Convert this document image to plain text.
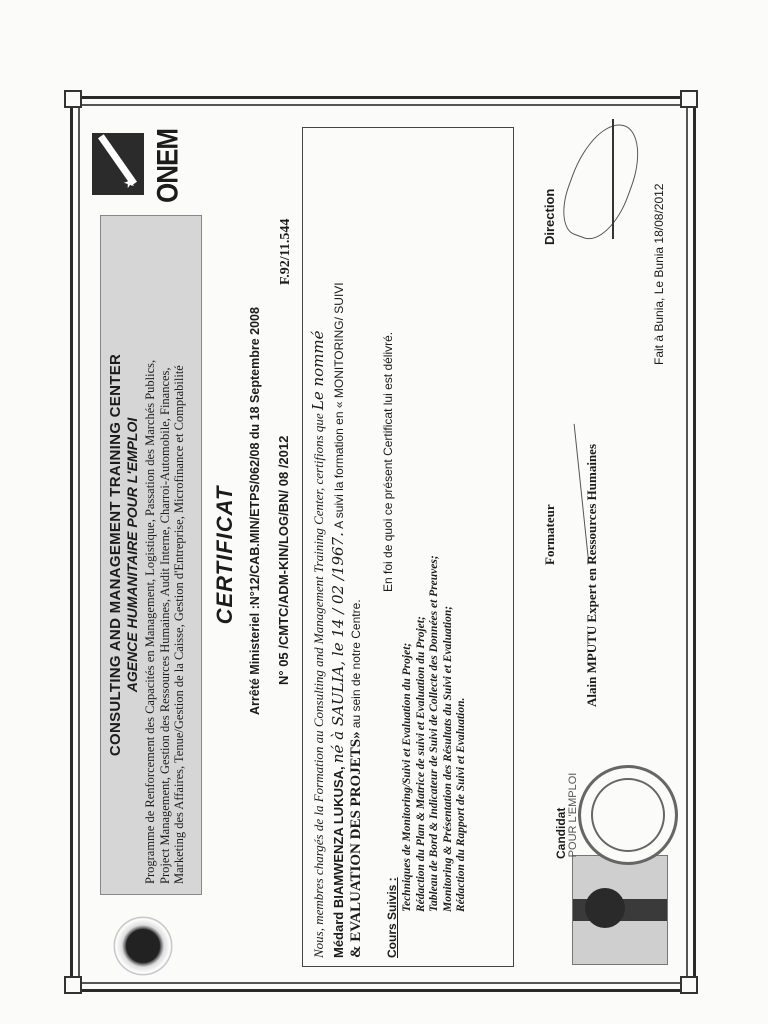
CONSULTING AND MANAGEMENT TRAINING CENTER AGENCE HUMANITAIRE POUR L'EMPLOI Programme de Renforcement des Capacités en Management, Logistique, Passation des Marchés Publics, Project Management, Gestion des Ressources Humaines, Audit Interne, Charroi-Automobile, Finances, Marketing des Affaires, Tenue/Gestion de la Caisse, Gestion d'Entreprise, Microfinance et Comptabilité
★ ONEM
CERTIFICAT Arrêté Ministeriel :N°12/CAB.MIN/ETPS/062/08 du 18 Septembre 2008 N° 05 /CMTC/ADM-KIN/LOG/BN/ 08 /2012
F.92/11.544
Nous, membres chargés de la Formation au Consulting and Management Training Center, certifions que Le nommé
Médard BIAMWENZA LUKUSA, né à SAULIA, le 14 / 02 /1967. A suivi la formation en « MONITORING/ SUIVI
& EVALUATION DES PROJETS» au sein de notre Centre.
En foi de quoi ce présent Certificat lui est délivré.
Cours Suivis :
Techniques de Monitoring/Suivi et Evaluation du Projet; Rédaction du Plan & Matrice de suivi et Evaluation du Projet; Tableau de Bord & Indicateur de Suivi de Collecte des Données et Preuves; Monitoring & Présentation des Résultats du Suivi et Evaluation; Rédaction du Rapport de Suivi et Evaluation.	Candidat POUR L'EMPLOI
Formateur Alain MPUTU Expert en Ressources Humaines
Direction	Fait à Bunia, Le Bunia 18/08/2012
